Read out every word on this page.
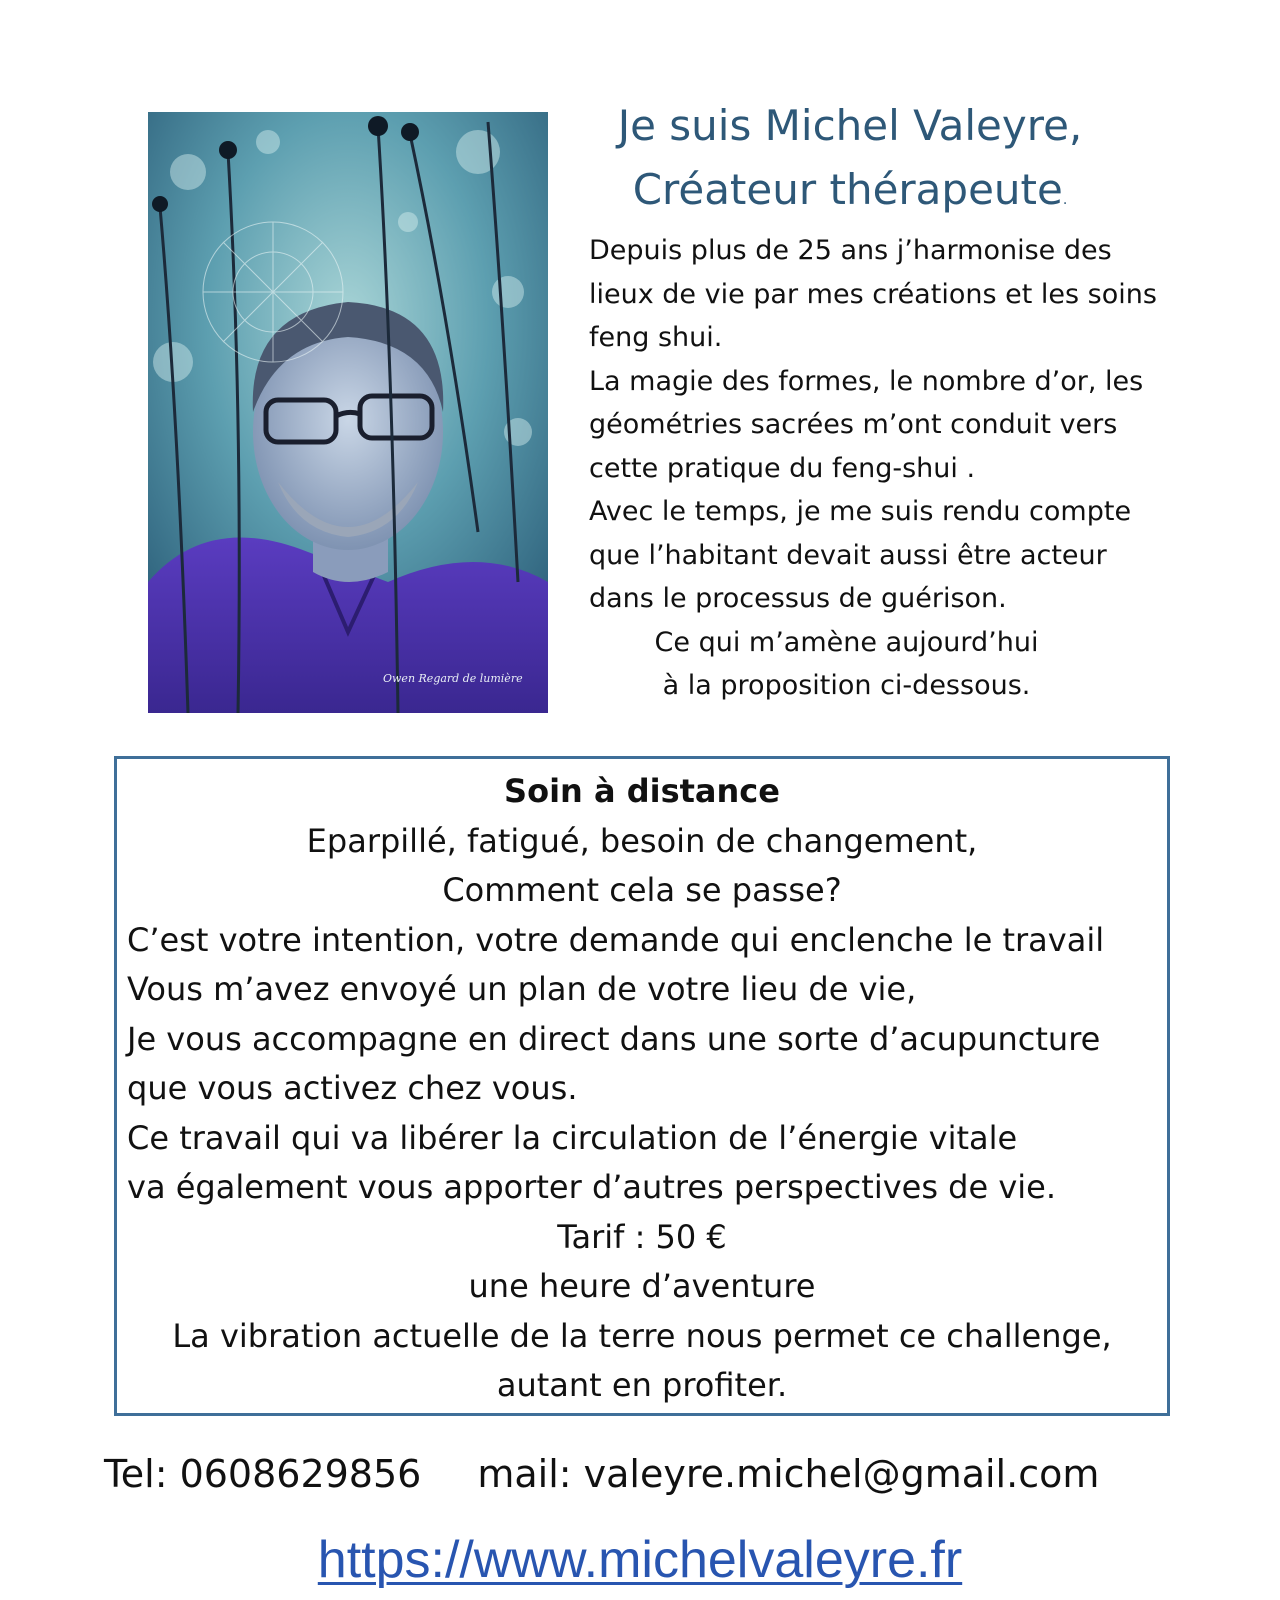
Owen Regard de lumière
Je suis Michel Valeyre,
Créateur thérapeute.

Depuis plus de 25 ans j’harmonise des

lieux de vie par mes créations et les soins

feng shui.

La magie des formes, le nombre d’or, les

géométries sacrées m’ont conduit vers

cette pratique du feng-shui .

Avec le temps, je me suis rendu compte

que l’habitant devait aussi être acteur

dans le processus de guérison.

Ce qui m’amène aujourd’hui

à la proposition ci-dessous.

Soin à distance

Eparpillé, fatigué, besoin de changement,

Comment cela se passe?

C’est votre intention, votre demande qui enclenche le travail

Vous m’avez envoyé un plan de votre lieu de vie,

Je vous accompagne en direct dans une sorte d’acupuncture

que vous activez chez vous.

Ce travail qui va libérer la circulation de l’énergie vitale

va également vous apporter d’autres perspectives de vie.

Tarif : 50 €

une heure d’aventure

La vibration actuelle de la terre nous permet ce challenge,

autant en profiter.

Tel: 0608629856 mail: valeyre.michel@gmail.com
https://www.michelvaleyre.fr
